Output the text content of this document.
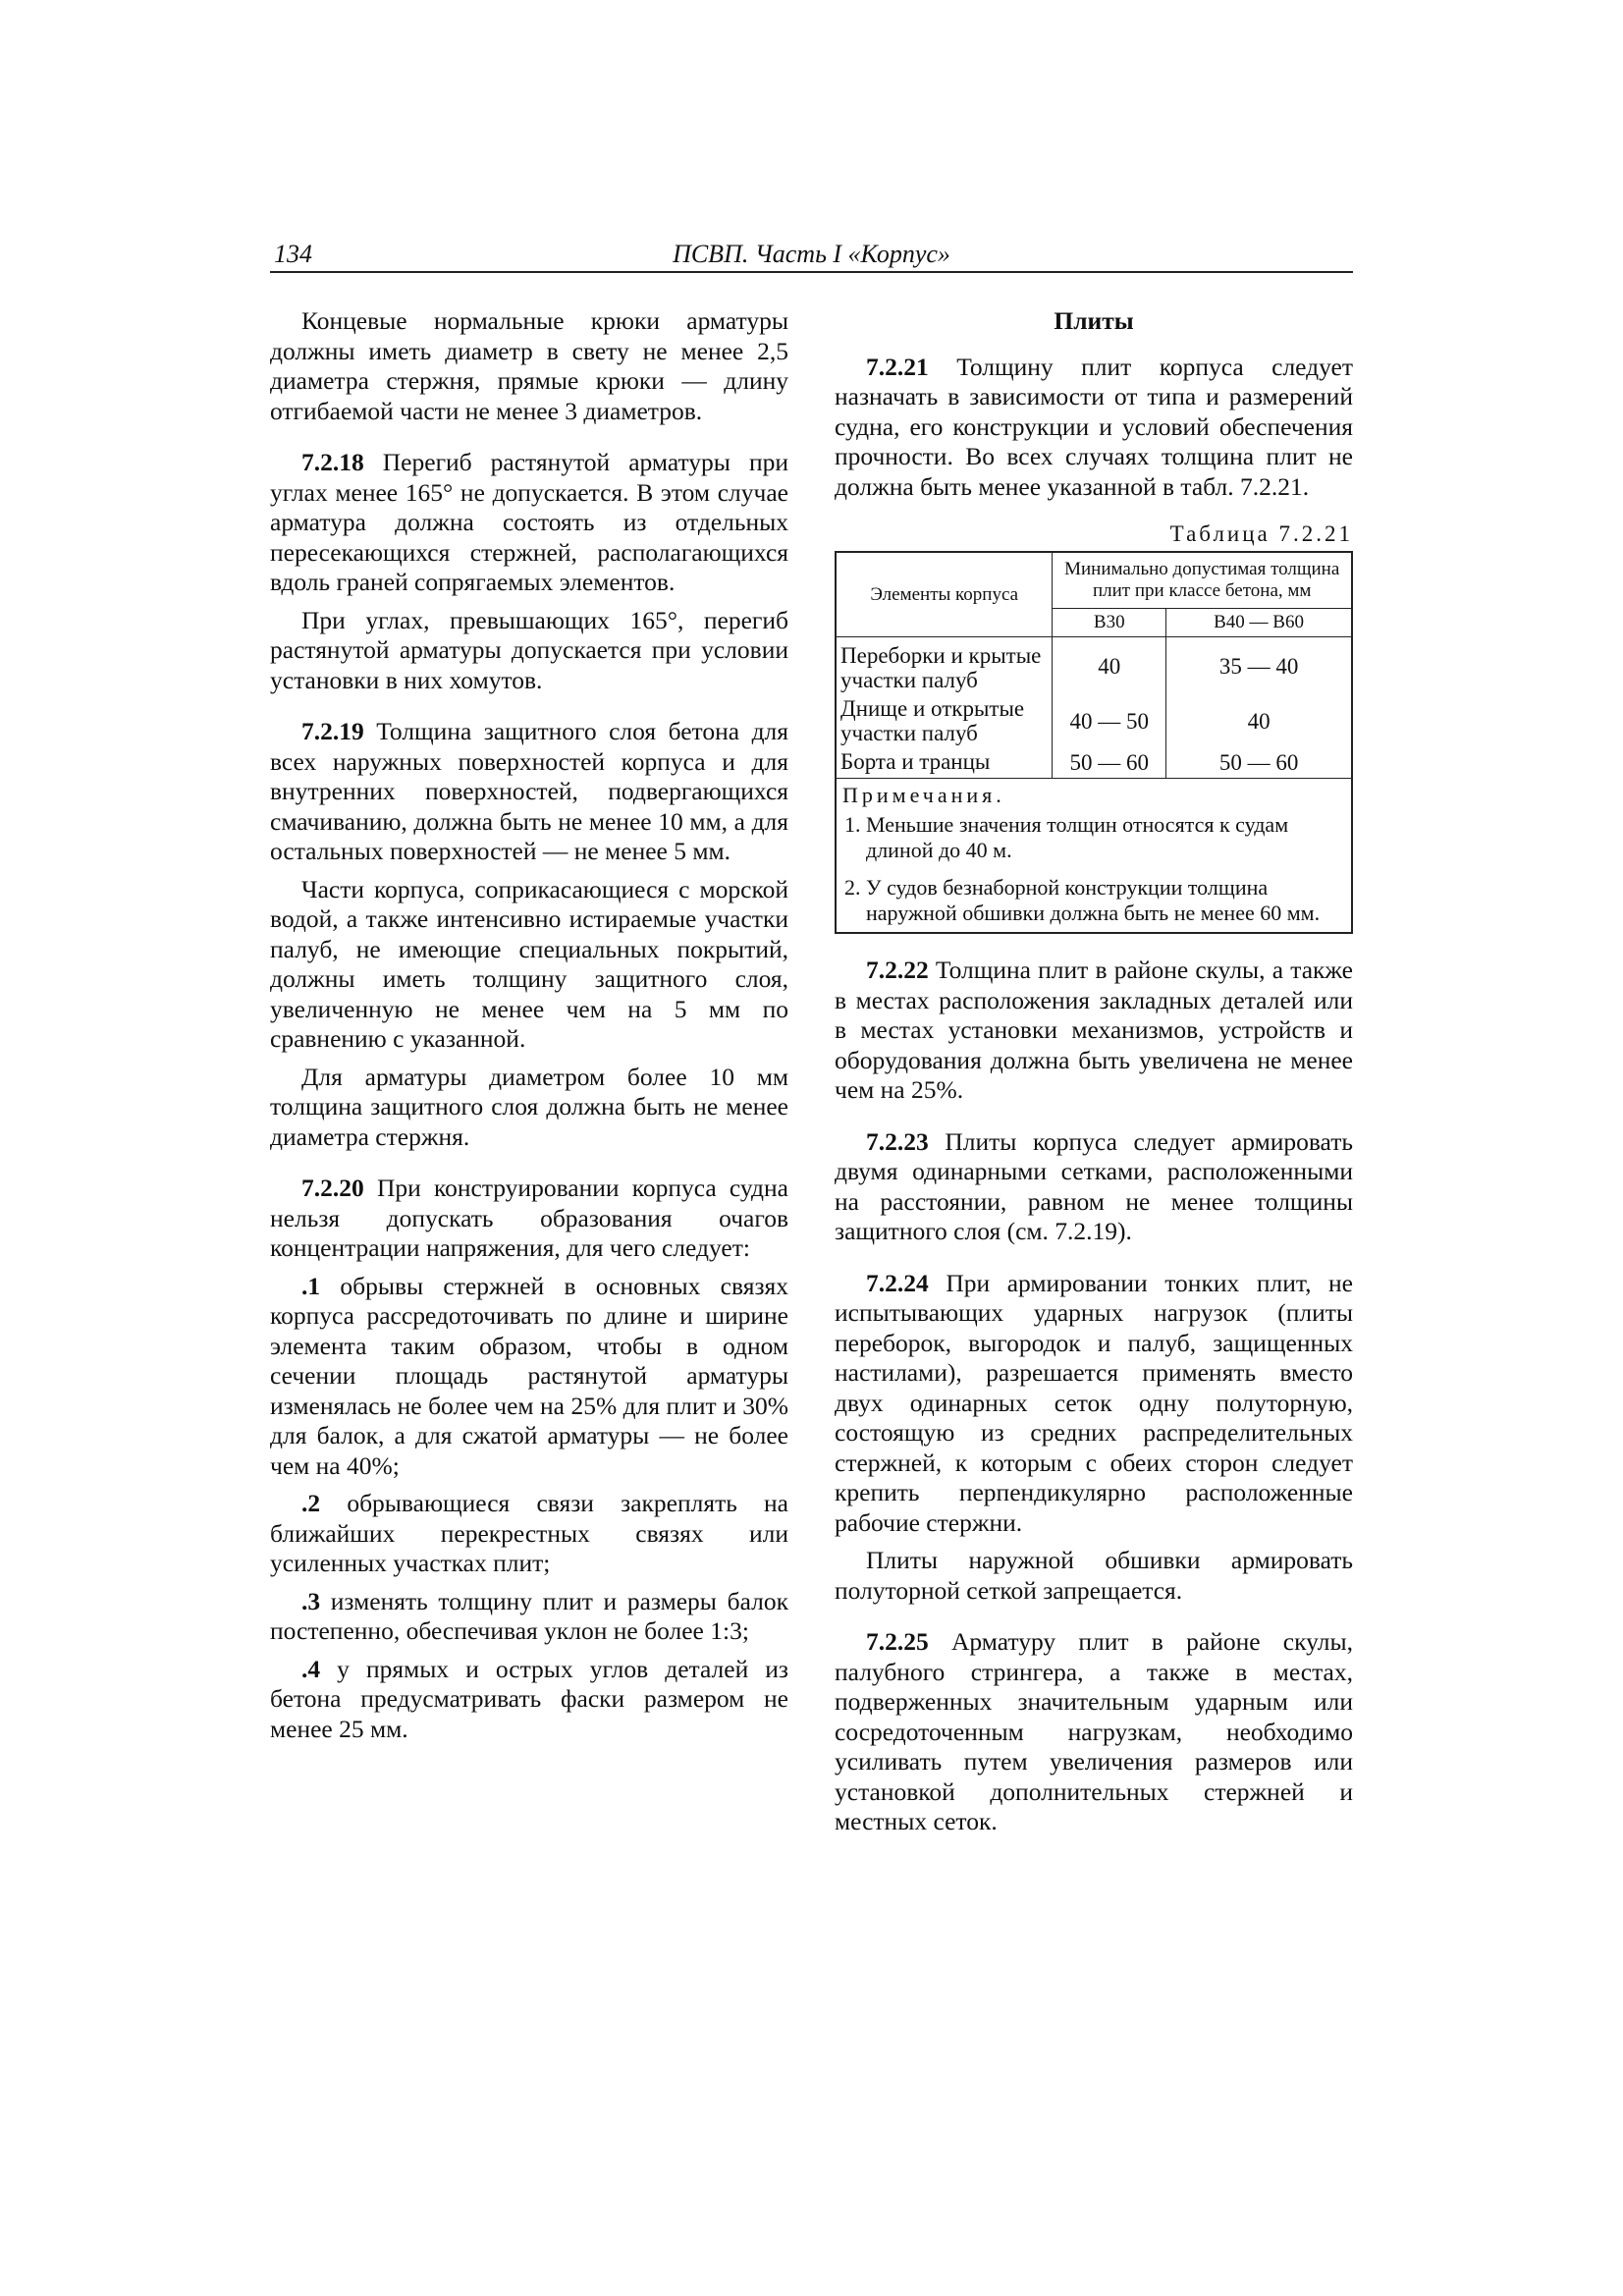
134	ПСВП. Часть I «Корпус»

Концевые нормальные крюки арматуры должны иметь диаметр в свету не менее 2,5 диаметра стержня, прямые крюки — длину отгибаемой части не менее 3 диаметров.

7.2.18 Перегиб растянутой арматуры при углах менее 165° не допускается. В этом случае арматура должна состоять из отдельных пересекающихся стержней, располагающихся вдоль граней сопрягаемых элементов.

При углах, превышающих 165°, перегиб растянутой арматуры допускается при условии установки в них хомутов.

7.2.19 Толщина защитного слоя бетона для всех наружных поверхностей корпуса и для внутренних поверхностей, подвергающихся смачиванию, должна быть не менее 10 мм, а для остальных поверхностей — не менее 5 мм.

Части корпуса, соприкасающиеся с морской водой, а также интенсивно истираемые участки палуб, не имеющие специальных покрытий, должны иметь толщину защитного слоя, увеличенную не менее чем на 5 мм по сравнению с указанной.

Для арматуры диаметром более 10 мм толщина защитного слоя должна быть не менее диаметра стержня.

7.2.20 При конструировании корпуса судна нельзя допускать образования очагов концентрации напряжения, для чего следует:

.1 обрывы стержней в основных связях корпуса рассредоточивать по длине и ширине элемента таким образом, чтобы в одном сечении площадь растянутой арматуры изменялась не более чем на 25% для плит и 30% для балок, а для сжатой арматуры — не более чем на 40%;

.2 обрывающиеся связи закреплять на ближайших перекрестных связях или усиленных участках плит;

.3 изменять толщину плит и размеры балок постепенно, обеспечивая уклон не более 1:3;

.4 у прямых и острых углов деталей из бетона предусматривать фаски размером не менее 25 мм.

Плиты

7.2.21 Толщину плит корпуса следует назначать в зависимости от типа и размерений судна, его конструкции и условий обеспечения прочности. Во всех случаях толщина плит не должна быть менее указанной в табл. 7.2.21.

Таблица 7.2.21
Элементы корпуса	Минимально допустимая толщина плит при классе бетона, мм	
	B30	B40 — B60
Переборки и крытые участки палуб	40	35 — 40
Днище и открытые участки палуб	40 — 50	40
Борта и транцы	50 — 60	50 — 60

Примечания.
1. Меньшие значения толщин относятся к судам длиной до 40 м.
2. У судов безнаборной конструкции толщина наружной обшивки должна быть не менее 60 мм.		

7.2.22 Толщина плит в районе скулы, а также в местах расположения закладных деталей или в местах установки механизмов, устройств и оборудования должна быть увеличена не менее чем на 25%.

7.2.23 Плиты корпуса следует армировать двумя одинарными сетками, расположенными на расстоянии, равном не менее толщины защитного слоя (см. 7.2.19).

7.2.24 При армировании тонких плит, не испытывающих ударных нагрузок (плиты переборок, выгородок и палуб, защищенных настилами), разрешается применять вместо двух одинарных сеток одну полуторную, состоящую из средних распределительных стержней, к которым с обеих сторон следует крепить перпендикулярно расположенные рабочие стержни.

Плиты наружной обшивки армировать полуторной сеткой запрещается.

7.2.25 Арматуру плит в районе скулы, палубного стрингера, а также в местах, подверженных значительным ударным или сосредоточенным нагрузкам, необходимо усиливать путем увеличения размеров или установкой дополнительных стержней и местных сеток.
